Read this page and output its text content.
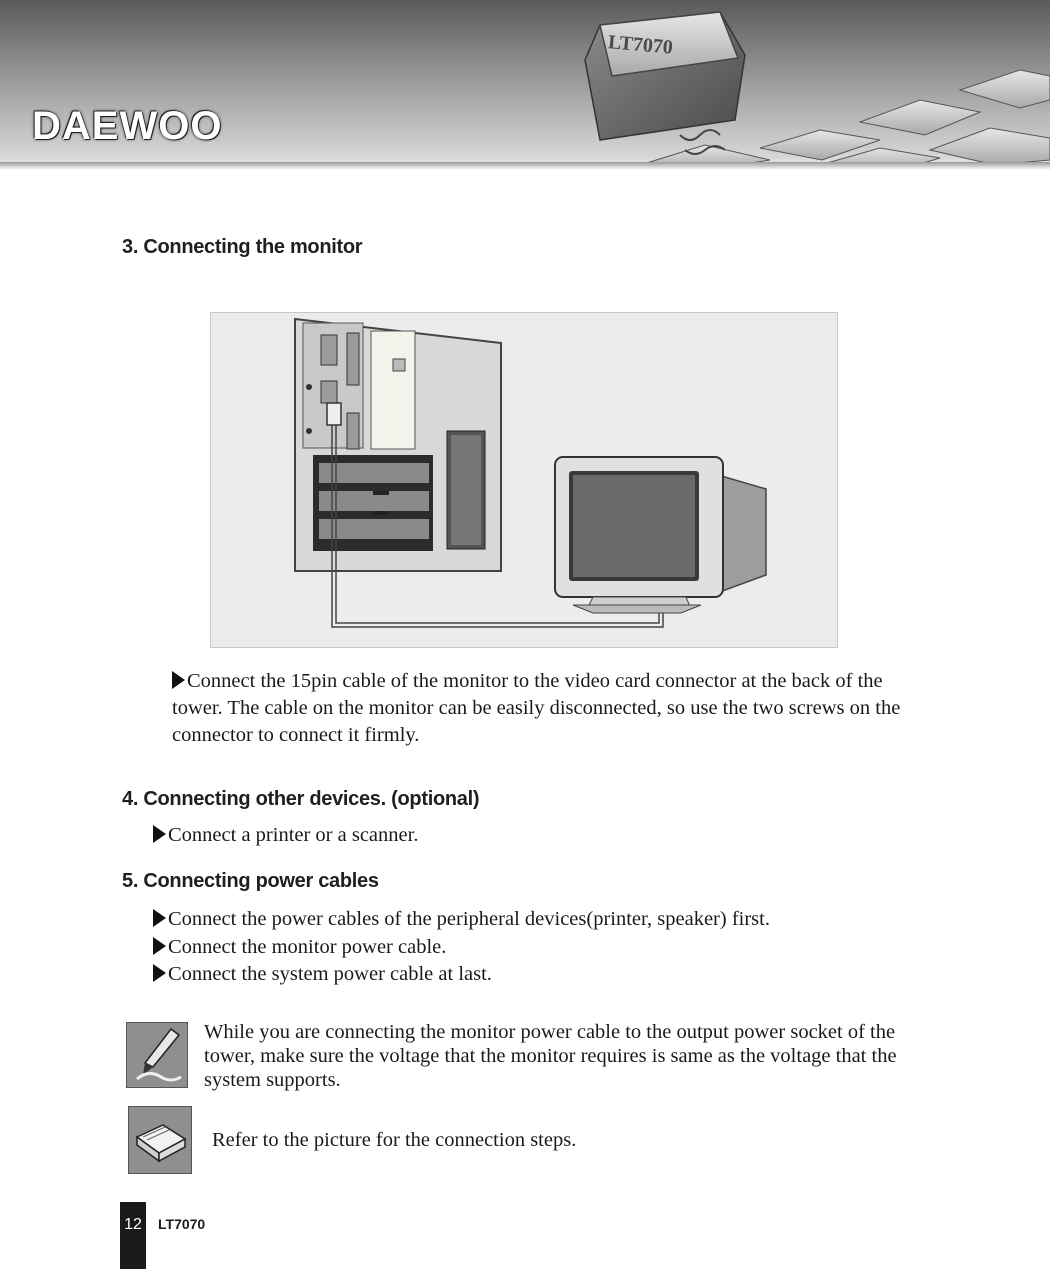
DAEWOO
LT7070
3. Connecting the monitor

Connect the 15pin cable of the monitor to the video card connector at the back of the tower. The cable on the monitor can be easily disconnected, so use the two screws on the connector to connect it firmly.

4. Connecting other devices. (optional)

Connect a printer or a scanner.

5. Connecting power cables

Connect the power cables of the peripheral devices(printer, speaker) first.

Connect the monitor power cable.

Connect the system power cable at last.

While you are connecting the monitor power cable to the output power socket of the tower, make sure the voltage that the monitor requires is same as the voltage that the system supports.

Refer to the picture for the connection steps.

12 LT7070
